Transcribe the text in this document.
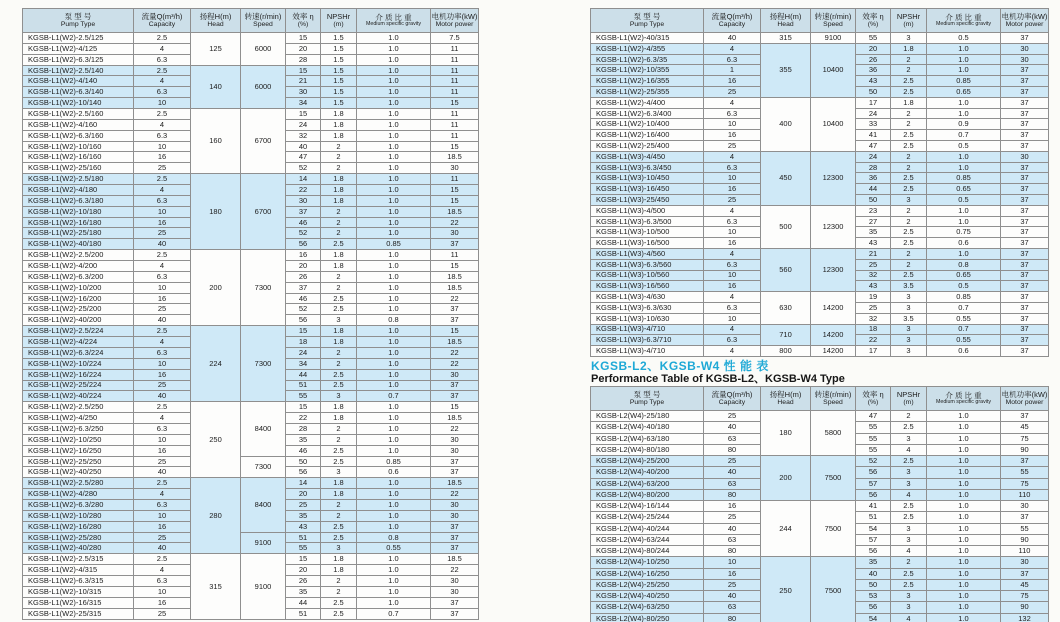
泵 型 号
Pump Type

流量Q(m³/h)
Capacity

扬程H(m)
Head

转速(r/min)
Speed

效率 η
(%)

NPSHr
(m)

介 质 比 重
Medium specific gravity

电机功率(kW)
Motor power

KGSB-L1(W2)-2.5/125	2.5	125	6000	15	1.5	1.0	7.5
KGSB-L1(W2)-4/125	4			20	1.5	1.0	11
KGSB-L1(W2)-6.3/125	6.3			28	1.5	1.0	11
KGSB-L1(W2)-2.5/140	2.5	140	6000	15	1.5	1.0	11
KGSB-L1(W2)-4/140	4			21	1.5	1.0	11
KGSB-L1(W2)-6.3/140	6.3			30	1.5	1.0	11
KGSB-L1(W2)-10/140	10			34	1.5	1.0	15
KGSB-L1(W2)-2.5/160	2.5	160	6700	15	1.8	1.0	11
KGSB-L1(W2)-4/160	4			24	1.8	1.0	11
KGSB-L1(W2)-6.3/160	6.3			32	1.8	1.0	11
KGSB-L1(W2)-10/160	10			40	2	1.0	15
KGSB-L1(W2)-16/160	16			47	2	1.0	18.5
KGSB-L1(W2)-25/160	25			52	2	1.0	30
KGSB-L1(W2)-2.5/180	2.5	180	6700	14	1.8	1.0	11
KGSB-L1(W2)-4/180	4			22	1.8	1.0	15
KGSB-L1(W2)-6.3/180	6.3			30	1.8	1.0	15
KGSB-L1(W2)-10/180	10			37	2	1.0	18.5
KGSB-L1(W2)-16/180	16			46	2	1.0	22
KGSB-L1(W2)-25/180	25			52	2	1.0	30
KGSB-L1(W2)-40/180	40			56	2.5	0.85	37
KGSB-L1(W2)-2.5/200	2.5	200	7300	16	1.8	1.0	11
KGSB-L1(W2)-4/200	4			20	1.8	1.0	15
KGSB-L1(W2)-6.3/200	6.3			26	2	1.0	18.5
KGSB-L1(W2)-10/200	10			37	2	1.0	18.5
KGSB-L1(W2)-16/200	16			46	2.5	1.0	22
KGSB-L1(W2)-25/200	25			52	2.5	1.0	37
KGSB-L1(W2)-40/200	40			56	3	0.8	37
KGSB-L1(W2)-2.5/224	2.5	224	7300	15	1.8	1.0	15
KGSB-L1(W2)-4/224	4			18	1.8	1.0	18.5
KGSB-L1(W2)-6.3/224	6.3			24	2	1.0	22
KGSB-L1(W2)-10/224	10			34	2	1.0	22
KGSB-L1(W2)-16/224	16			44	2.5	1.0	30
KGSB-L1(W2)-25/224	25			51	2.5	1.0	37
KGSB-L1(W2)-40/224	40			55	3	0.7	37
KGSB-L1(W2)-2.5/250	2.5	250	8400	15	1.8	1.0	15
KGSB-L1(W2)-4/250	4			22	1.8	1.0	18.5
KGSB-L1(W2)-6.3/250	6.3			28	2	1.0	22
KGSB-L1(W2)-10/250	10			35	2	1.0	30
KGSB-L1(W2)-16/250	16			46	2.5	1.0	30
KGSB-L1(W2)-25/250	25		7300	50	2.5	0.85	37
KGSB-L1(W2)-40/250	40			56	3	0.6	37
KGSB-L1(W2)-2.5/280	2.5	280	8400	14	1.8	1.0	18.5
KGSB-L1(W2)-4/280	4			20	1.8	1.0	22
KGSB-L1(W2)-6.3/280	6.3			25	2	1.0	30
KGSB-L1(W2)-10/280	10			35	2	1.0	30
KGSB-L1(W2)-16/280	16			43	2.5	1.0	37
KGSB-L1(W2)-25/280	25		9100	51	2.5	0.8	37
KGSB-L1(W2)-40/280	40			55	3	0.55	37
KGSB-L1(W2)-2.5/315	2.5	315	9100	15	1.8	1.0	18.5
KGSB-L1(W2)-4/315	4			20	1.8	1.0	22
KGSB-L1(W2)-6.3/315	6.3			26	2	1.0	30
KGSB-L1(W2)-10/315	10			35	2	1.0	30
KGSB-L1(W2)-16/315	16			44	2.5	1.0	37
KGSB-L1(W2)-25/315	25			51	2.5	0.7	37
泵 型 号
Pump Type

流量Q(m³/h)
Capacity

扬程H(m)
Head

转速(r/min)
Speed

效率 η
(%)

NPSHr
(m)

介 质 比 重
Medium specific gravity

电机功率(kW)
Motor power

KGSB-L1(W2)-40/315	40	315	9100	55	3	0.5	37
KGSB-L1(W2)-4/355	4	355	10400	20	1.8	1.0	30
KGSB-L1(W2)-6.3/35	6.3			26	2	1.0	30
KGSB-L1(W2)-10/355	1			36	2	1.0	37
KGSB-L1(W2)-16/355	16			43	2.5	0.85	37
KGSB-L1(W2)-25/355	25			50	2.5	0.65	37
KGSB-L1(W2)-4/400	4	400	10400	17	1.8	1.0	37
KGSB-L1(W2)-6.3/400	6.3			24	2	1.0	37
KGSB-L1(W2)-10/400	10			33	2	0.9	37
KGSB-L1(W2)-16/400	16			41	2.5	0.7	37
KGSB-L1(W2)-25/400	25			47	2.5	0.5	37
KGSB-L1(W3)-4/450	4	450	12300	24	2	1.0	30
KGSB-L1(W3)-6.3/450	6.3			28	2	1.0	37
KGSB-L1(W3)-10/450	10			36	2.5	0.85	37
KGSB-L1(W3)-16/450	16			44	2.5	0.65	37
KGSB-L1(W3)-25/450	25			50	3	0.5	37
KGSB-L1(W3)-4/500	4	500	12300	23	2	1.0	37
KGSB-L1(W3)-6.3/500	6.3			27	2	1.0	37
KGSB-L1(W3)-10/500	10			35	2.5	0.75	37
KGSB-L1(W3)-16/500	16			43	2.5	0.6	37
KGSB-L1(W3)-4/560	4	560	12300	21	2	1.0	37
KGSB-L1(W3)-6.3/560	6.3			25	2	0.8	37
KGSB-L1(W3)-10/560	10			32	2.5	0.65	37
KGSB-L1(W3)-16/560	16			43	3.5	0.5	37
KGSB-L1(W3)-4/630	4	630	14200	19	3	0.85	37
KGSB-L1(W3)-6.3/630	6.3			25	3	0.7	37
KGSB-L1(W3)-10/630	10			32	3.5	0.55	37
KGSB-L1(W3)-4/710	4	710	14200	18	3	0.7	37
KGSB-L1(W3)-6.3/710	6.3			22	3	0.55	37
KGSB-L1(W3)-4/710	4	800	14200	17	3	0.6	37
KGSB-L2、KGSB-W4 性 能 表
Performance Table of KGSB-L2、KGSB-W4 Type
泵 型 号
Pump Type

流量Q(m³/h)
Capacity

扬程H(m)
Head

转速(r/min)
Speed

效率 η
(%)

NPSHr
(m)

介 质 比 重
Medium specific gravity

电机功率(kW)
Motor power

KGSB-L2(W4)-25/180	25	180	5800	47	2	1.0	37
KGSB-L2(W4)-40/180	40			55	2.5	1.0	45
KGSB-L2(W4)-63/180	63			55	3	1.0	75
KGSB-L2(W4)-80/180	80			55	4	1.0	90
KGSB-L2(W4)-25/200	25	200	7500	52	2.5	1.0	37
KGSB-L2(W4)-40/200	40			56	3	1.0	55
KGSB-L2(W4)-63/200	63			57	3	1.0	75
KGSB-L2(W4)-80/200	80			56	4	1.0	110
KGSB-L2(W4)-16/144	16	244	7500	41	2.5	1.0	30
KGSB-L2(W4)-25/244	25			51	2.5	1.0	37
KGSB-L2(W4)-40/244	40			54	3	1.0	55
KGSB-L2(W4)-63/244	63			57	3	1.0	90
KGSB-L2(W4)-80/244	80			56	4	1.0	110
KGSB-L2(W4)-10/250	10	250	7500	35	2	1.0	30
KGSB-L2(W4)-16/250	16			40	2.5	1.0	37
KGSB-L2(W4)-25/250	25			50	2.5	1.0	45
KGSB-L2(W4)-40/250	40			53	3	1.0	75
KGSB-L2(W4)-63/250	63			56	3	1.0	90
KGSB-L2(W4)-80/250	80			54	4	1.0	132
